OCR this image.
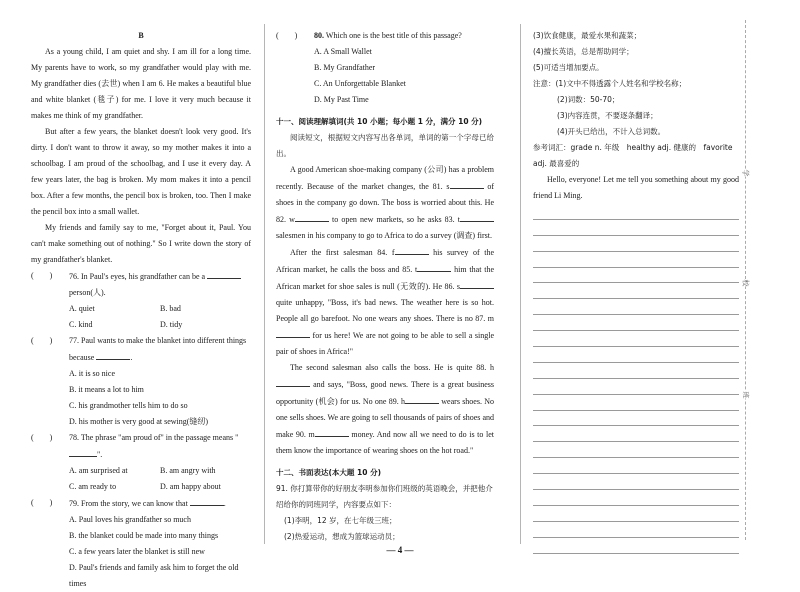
学
校
班
B

As a young child, I am quiet and shy. I am ill for a long time. My parents have to work, so my grandfather would play with me. My grandfather dies (去世) when I am 6. He makes a beautiful blue and white blanket (毯子) for me. I love it very much because it makes me think of my grandfather.

But after a few years, the blanket doesn't look very good. It's dirty. I don't want to throw it away, so my mother makes it into a schoolbag. I am proud of the schoolbag, and I use it every day. A few years later, the bag is broken. My mom makes it into a pencil box. After a few months, the pencil box is broken, too. Then I make the pencil box into a small wallet.

My friends and family say to me, "Forget about it, Paul. You can't make something out of nothing." So I write down the story of my grandfather's blanket.

(　　) 76. In Paul's eyes, his grandfather can be a
person(人).
A. quiet	B. bad
C. kind	D. tidy
(　　) 77. Paul wants to make the blanket into different things because	.
A. it is so nice
B. it means a lot to him
C. his grandmother tells him to do so
D. his mother is very good at sewing(缝纫)
(　　) 78. The phrase "am proud of" in the passage means "".
A. am surprised at	B. am angry with
C. am ready to	D. am happy about
(　　) 79. From the story, we can know that	.
A. Paul loves his grandfather so much
B. the blanket could be made into many things
C. a few years later the blanket is still new
D. Paul's friends and family ask him to forget the old times
(　　) 80. Which one is the best title of this passage?
A. A Small Wallet
B. My Grandfather
C. An Unforgettable Blanket
D. My Past Time
十一、阅读理解填词(共 10 小题；每小题 1 分，满分 10 分)

阅读短文，根据短文内容写出各单词，单词的第一个字母已给出。

A good American shoe-making company (公司) has a problem recently. Because of the market changes, the 81. s	of shoes in the company go down. The boss is worried about this. He 82. w	to open new markets, so he asks 83. t salesmen in his company to go to Africa to do a survey (调查) first.

After the first salesman 84. f	his survey of the African market, he calls the boss and 85. t	him that the African market for shoe sales is null (无效的). He 86. s quite unhappy, "Boss, it's bad news. The weather here is so hot. People all go barefoot. No one wears any shoes. There is no 87. m for us here! We are not going to be able to sell a single pair of shoes in Africa!"

The second salesman also calls the boss. He is quite 88. h and says, "Boss, good news. There is a great business opportunity (机会) for us. No one 89. h	wears shoes. No one sells shoes. We are going to sell thousands of pairs of shoes and make 90. m	money. And now all we need to do is to let them know the importance of wearing shoes on the hot road."

十二、书面表达(本大题 10 分)
91. 你打算带你的好朋友李明参加你们班级的英语晚会，并把他介绍给你的同班同学，内容要点如下：
(1)李明，12 岁，在七年级三班；
(2)热爱运动，想成为篮球运动员；
(3)饮食健康，最爱水果和蔬菜；
(4)擅长英语，总是帮助同学；
(5)可适当增加要点。
注意：(1)文中不得透露个人姓名和学校名称；
(2)词数：50-70；
(3)内容连贯，不要逐条翻译；
(4)开头已给出，不计入总词数。
参考词汇：grade n. 年级　healthy adj. 健康的　favorite adj. 最喜爱的

Hello, everyone! Let me tell you something about my good friend Li Ming.

— 4 —
